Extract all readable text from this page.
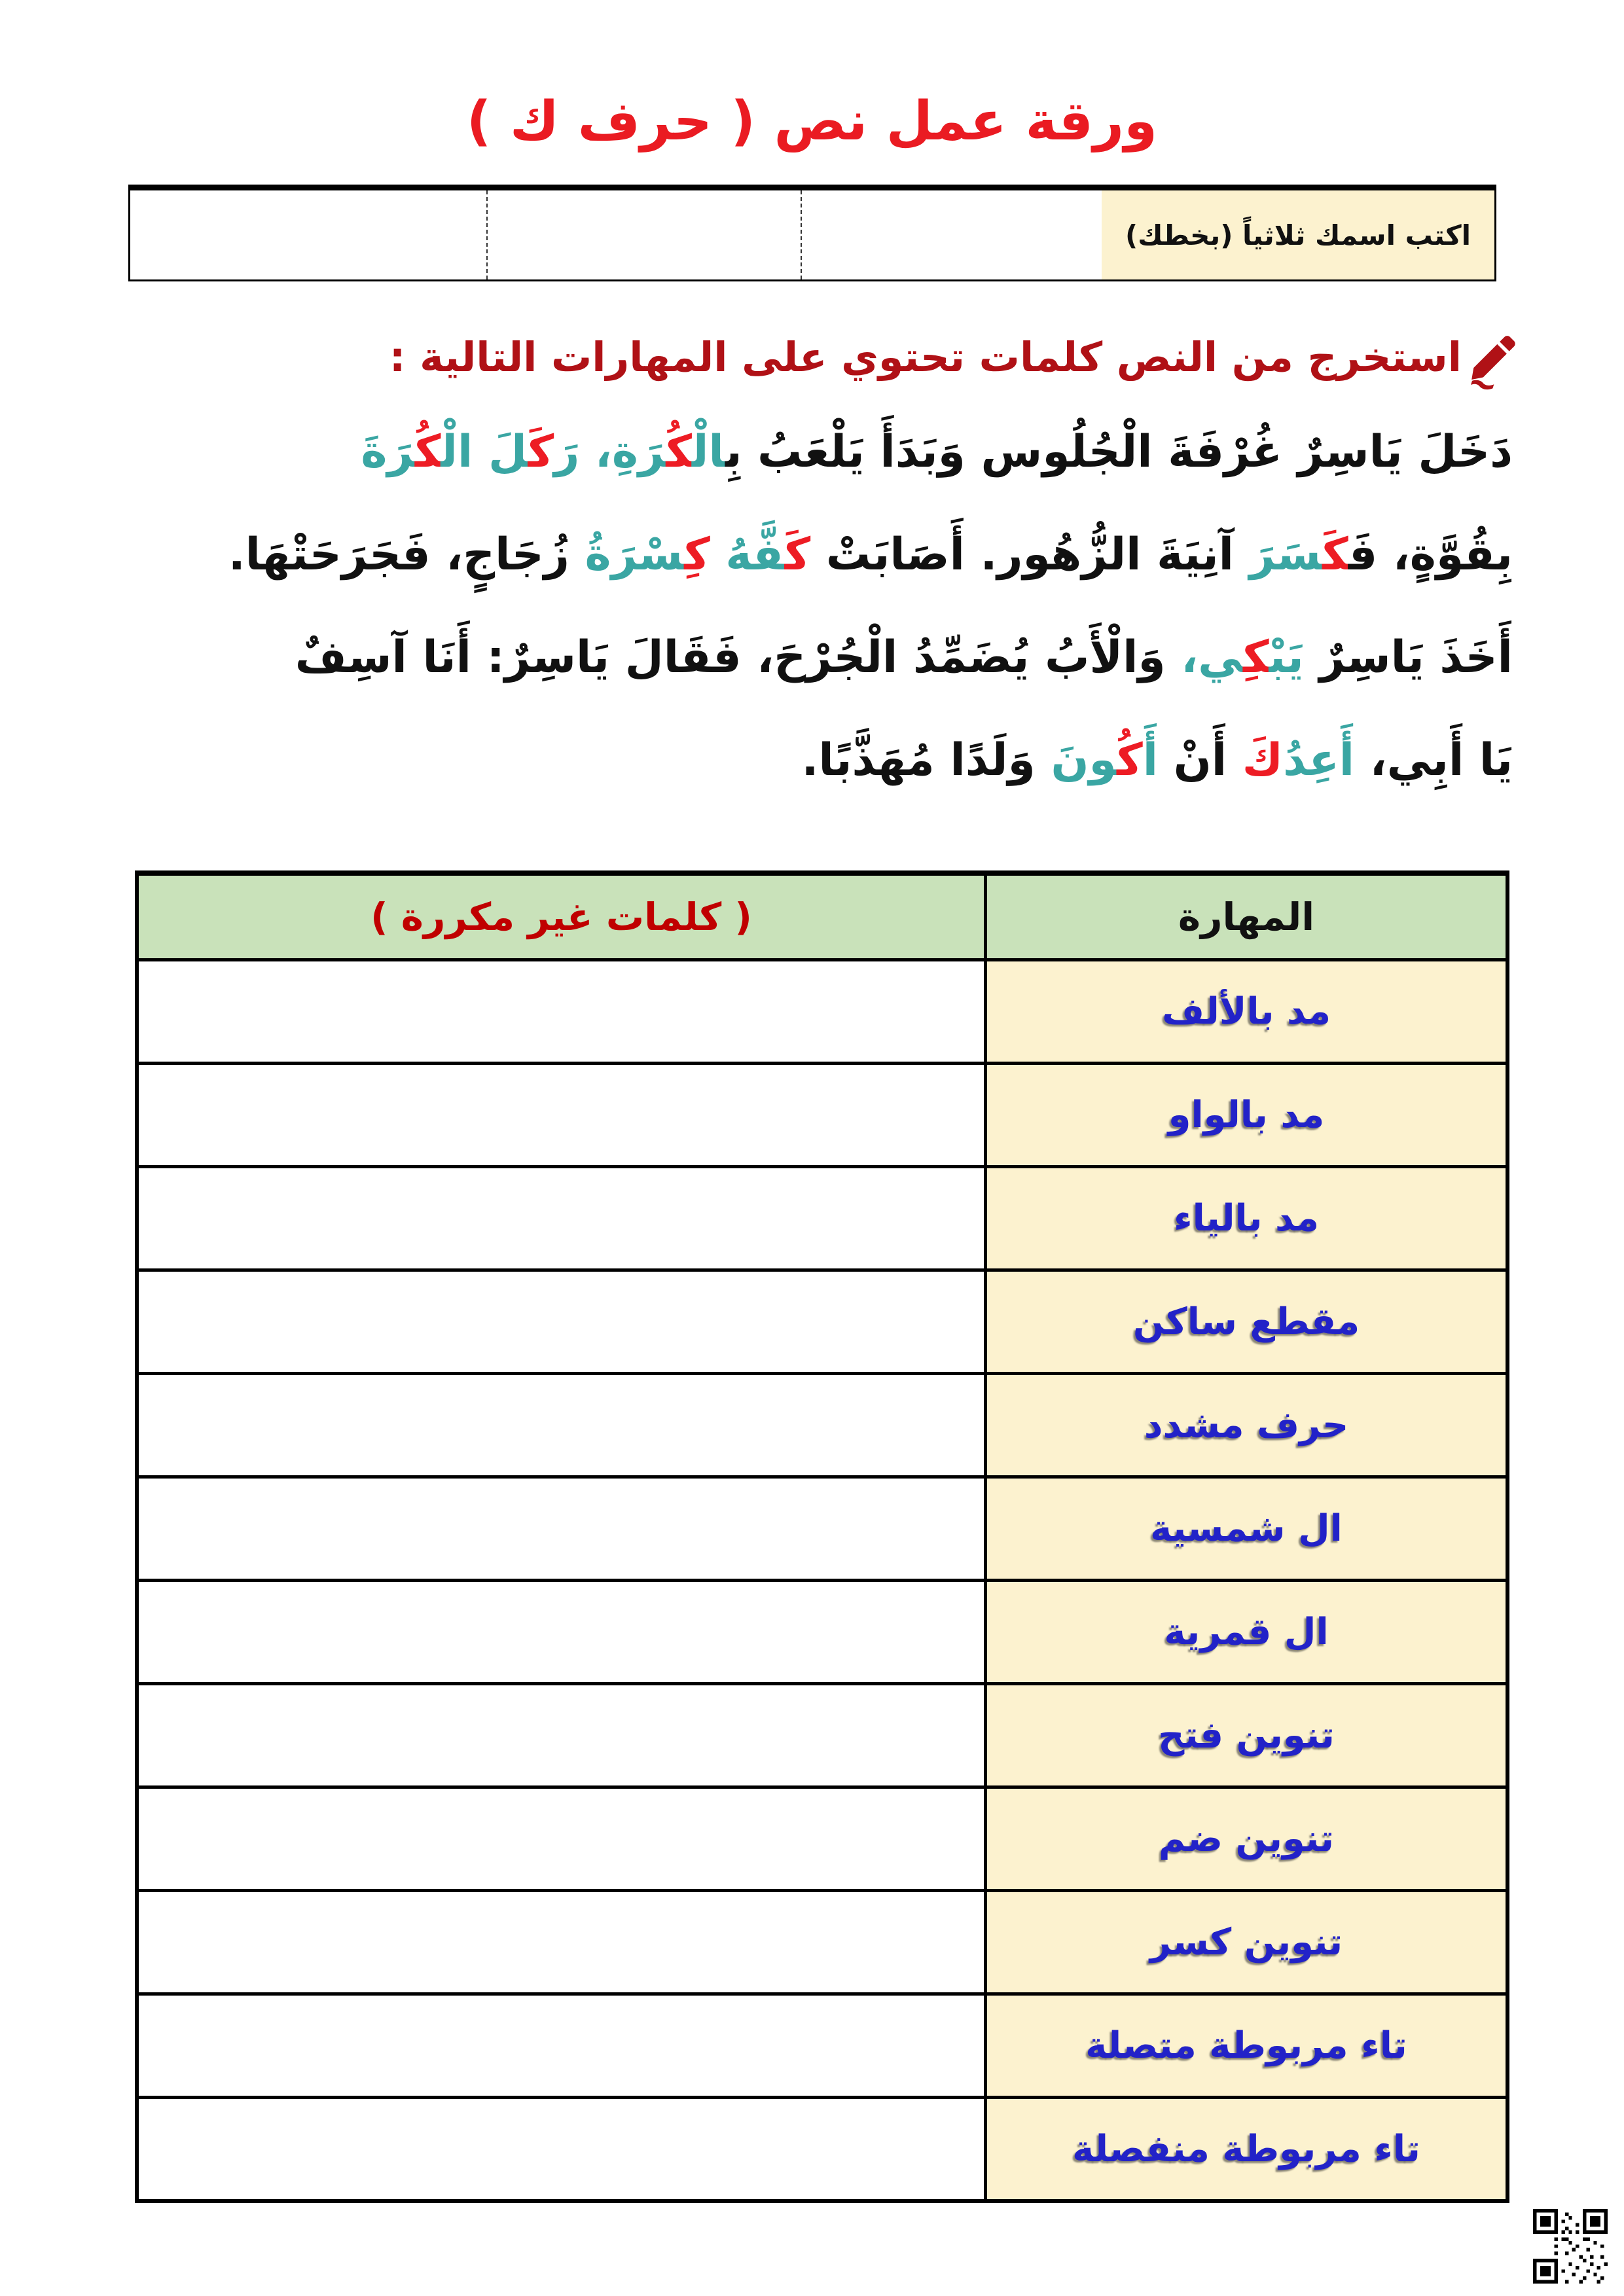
ورقة عمل نص ( حرف ك )
اكتب اسمك ثلاثياً (بخطك)
استخرج من النص كلمات تحتوي على المهارات التالية :
دَخَلَ يَاسِرٌ غُرْفَةَ الْجُلُوس وَبَدَأَ يَلْعَبُ بِ‍‍الْ‍‍كُ‍‍رَةِ، رَكَ‍‍لَ الْ‍‍كُ‍‍رَةَ
بِقُوَّةٍ، فَ‍‍كَ‍‍سَرَ آنِيَةَ الزُّهُور. أَصَابَتْ كَ‍‍فَّهُ كِ‍‍سْرَةُ زُجَاجٍ، فَجَرَحَتْهَا.
أَخَذَ يَاسِرٌ يَبْ‍‍كِ‍‍ي، وَالْأَبُ يُضَمِّدُ الْجُرْحَ، فَقَالَ يَاسِرٌ: أَنَا آسِفٌ
يَا أَبِي، أَعِدُكَ أَنْ أَكُ‍‍ونَ وَلَدًا مُهَذَّبًا.
( كلمات غير مكررة )	المهارة
مد بالألف
مد بالواو
مد بالياء
مقطع ساكن
حرف مشدد
ال شمسية
ال قمرية
تنوين فتح
تنوين ضم
تنوين كسر
تاء مربوطة متصلة
تاء مربوطة منفصلة
